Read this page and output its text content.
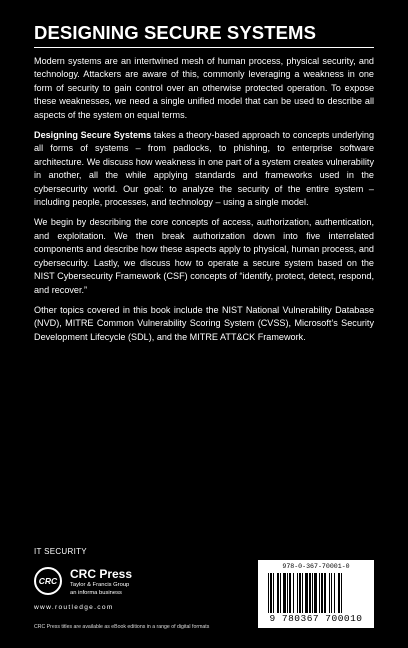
DESIGNING SECURE SYSTEMS

Modern systems are an intertwined mesh of human process, physical security, and technology. Attackers are aware of this, commonly leveraging a weakness in one form of security to gain control over an otherwise protected operation. To expose these weaknesses, we need a single unified model that can be used to describe all aspects of the system on equal terms.

Designing Secure Systems takes a theory-based approach to concepts underlying all forms of systems – from padlocks, to phishing, to enterprise software architecture. We discuss how weakness in one part of a system creates vulnerability in another, all the while applying standards and frameworks used in the cybersecurity world. Our goal: to analyze the security of the entire system – including people, processes, and technology – using a single model.

We begin by describing the core concepts of access, authorization, authentication, and exploitation. We then break authorization down into five interrelated components and describe how these aspects apply to physical, human process, and cybersecurity. Lastly, we discuss how to operate a secure system based on the NIST Cybersecurity Framework (CSF) concepts of “identify, protect, detect, respond, and recover.”

Other topics covered in this book include the NIST National Vulnerability Database (NVD), MITRE Common Vulnerability Scoring System (CVSS), Microsoft’s Security Development Lifecycle (SDL), and the MITRE ATT&CK Framework.

IT SECURITY
CRC CRC Press
Taylor & Francis Group
an informa business
www.routledge.com
CRC Press titles are available as eBook editions in a range of digital formats
978-0-367-70001-0
9 780367 700010
